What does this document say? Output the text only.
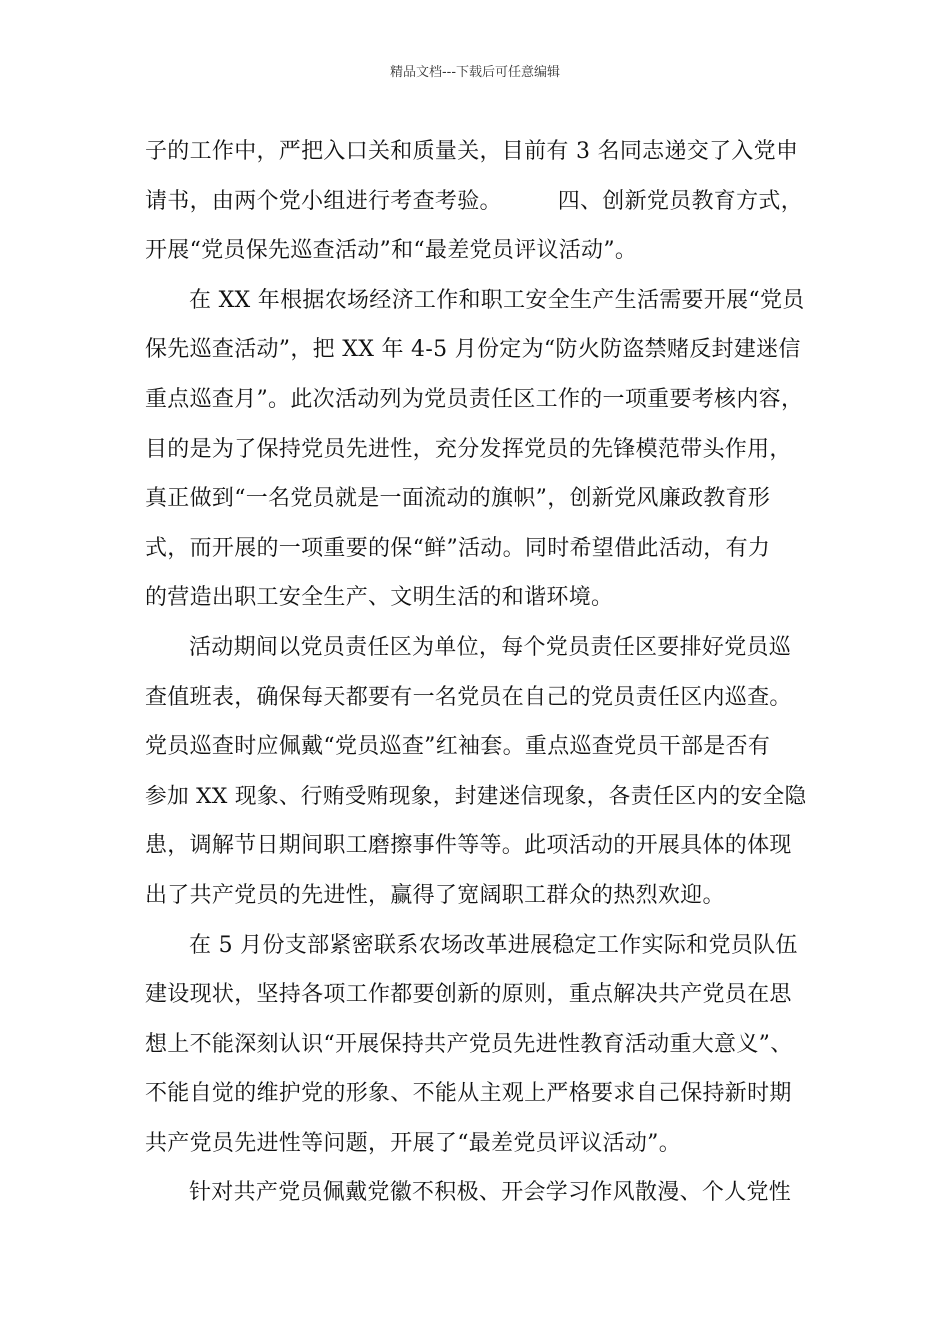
精品文档---下载后可任意编辑
子的工作中，严把入口关和质量关，目前有 3 名同志递交了入党申
请书，由两个党小组进行考查考验。　　　四、创新党员教育方式，
开展“党员保先巡查活动”和“最差党员评议活动”。
在 XX 年根据农场经济工作和职工安全生产生活需要开展“党员
保先巡查活动”，把 XX 年 4-5 月份定为“防火防盗禁赌反封建迷信
重点巡查月”。此次活动列为党员责任区工作的一项重要考核内容，
目的是为了保持党员先进性，充分发挥党员的先锋模范带头作用，
真正做到“一名党员就是一面流动的旗帜”，创新党风廉政教育形
式，而开展的一项重要的保“鲜”活动。同时希望借此活动，有力
的营造出职工安全生产、文明生活的和谐环境。
活动期间以党员责任区为单位，每个党员责任区要排好党员巡
查值班表，确保每天都要有一名党员在自己的党员责任区内巡查。
党员巡查时应佩戴“党员巡查”红袖套。重点巡查党员干部是否有
参加 XX 现象、行贿受贿现象，封建迷信现象，各责任区内的安全隐
患，调解节日期间职工磨擦事件等等。此项活动的开展具体的体现
出了共产党员的先进性，赢得了宽阔职工群众的热烈欢迎。
在 5 月份支部紧密联系农场改革进展稳定工作实际和党员队伍
建设现状，坚持各项工作都要创新的原则，重点解决共产党员在思
想上不能深刻认识“开展保持共产党员先进性教育活动重大意义”、
不能自觉的维护党的形象、不能从主观上严格要求自己保持新时期
共产党员先进性等问题，开展了“最差党员评议活动”。
针对共产党员佩戴党徽不积极、开会学习作风散漫、个人党性
